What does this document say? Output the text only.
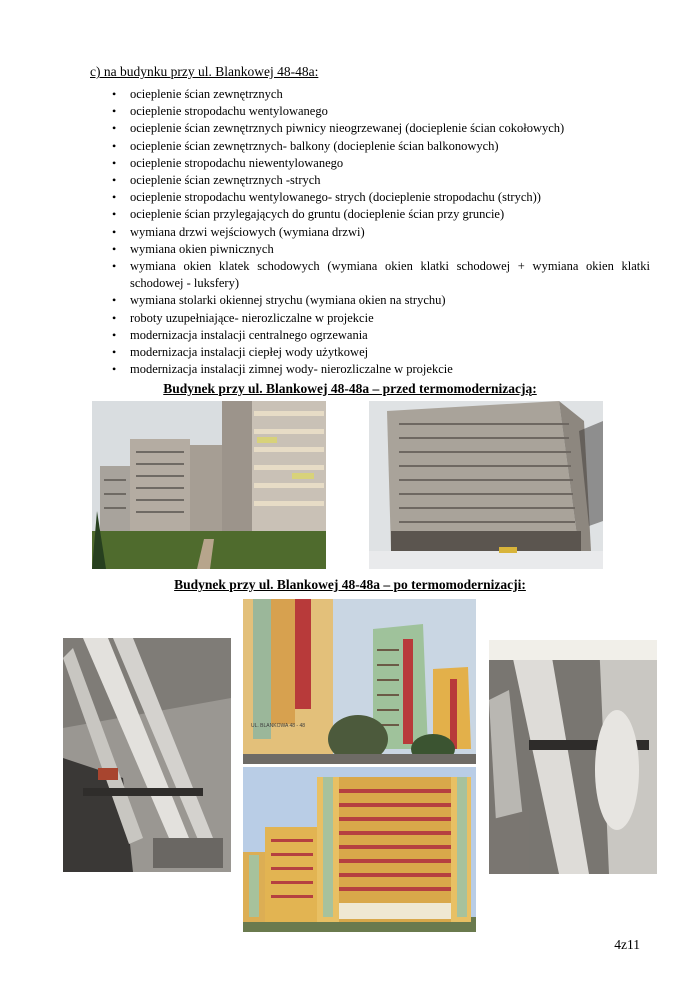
c) na budynku przy ul. Blankowej 48-48a:
• ocieplenie ścian zewnętrznych
• ocieplenie stropodachu wentylowanego
• ocieplenie ścian zewnętrznych piwnicy nieogrzewanej (docieplenie ścian cokołowych)
• ocieplenie ścian zewnętrznych- balkony (docieplenie ścian balkonowych)
• ocieplenie stropodachu niewentylowanego
• ocieplenie ścian zewnętrznych -strych
• ocieplenie stropodachu wentylowanego- strych (docieplenie stropodachu (strych))
• ocieplenie ścian przylegających do gruntu (docieplenie ścian przy gruncie)
• wymiana drzwi wejściowych (wymiana drzwi)
• wymiana okien piwnicznych
• wymiana okien klatek schodowych (wymiana okien klatki schodowej + wymiana okien klatki schodowej - luksfery)
• wymiana stolarki okiennej strychu (wymiana okien na strychu)
• roboty uzupełniające- nierozliczalne w projekcie
• modernizacja instalacji centralnego ogrzewania
• modernizacja instalacji ciepłej wody użytkowej
• modernizacja instalacji zimnej wody- nierozliczalne w projekcie
Budynek przy ul. Blankowej 48-48a – przed termomodernizacją:
Budynek przy ul. Blankowej 48-48a – po termomodernizacji:
UL. BLANKOWA 48 - 48
4z11
